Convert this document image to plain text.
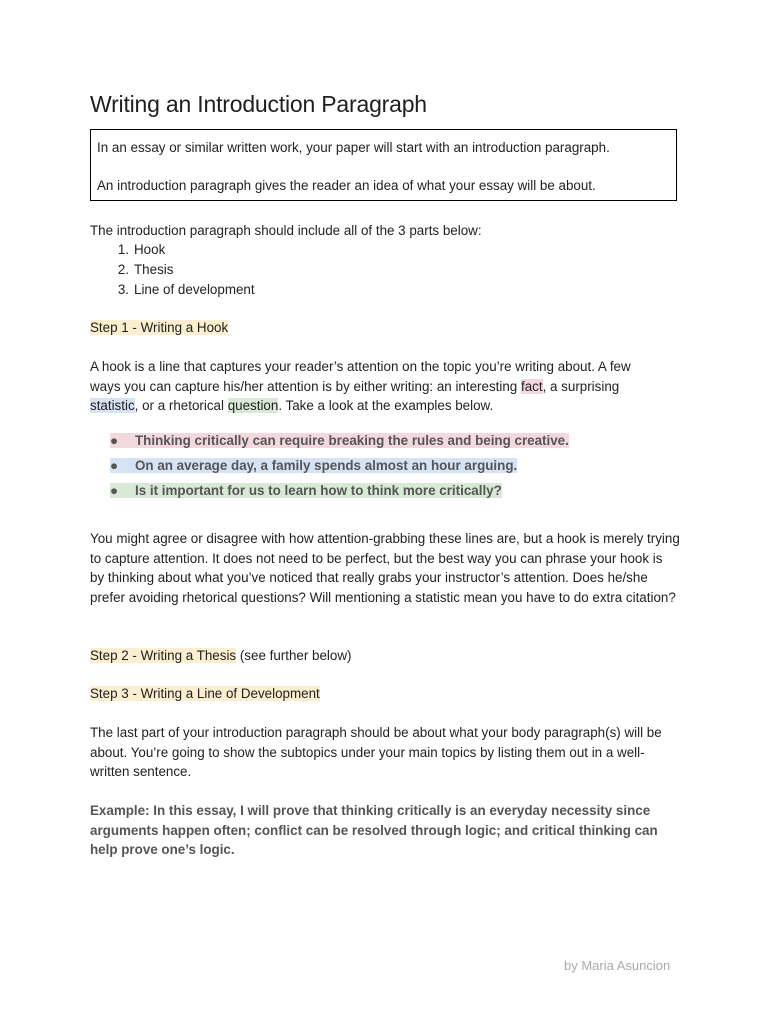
Writing an Introduction Paragraph

In an essay or similar written work, your paper will start with an introduction paragraph.

An introduction paragraph gives the reader an idea of what your essay will be about.

The introduction paragraph should include all of the 3 parts below:

1. Hook
2. Thesis
3. Line of development

Step 1 - Writing a Hook

A hook is a line that captures your reader’s attention on the topic you’re writing about. A few
ways you can capture his/her attention is by either writing: an interesting fact, a surprising
statistic, or a rhetorical question. Take a look at the examples below.

● Thinking critically can require breaking the rules and being creative.
● On an average day, a family spends almost an hour arguing.
● Is it important for us to learn how to think more critically?

You might agree or disagree with how attention-grabbing these lines are, but a hook is merely trying to capture attention. It does not need to be perfect, but the best way you can phrase your hook is by thinking about what you’ve noticed that really grabs your instructor’s attention. Does he/she prefer avoiding rhetorical questions? Will mentioning a statistic mean you have to do extra citation?

Step 2 - Writing a Thesis (see further below)

Step 3 - Writing a Line of Development

The last part of your introduction paragraph should be about what your body paragraph(s) will be about. You’re going to show the subtopics under your main topics by listing them out in a well-written sentence.

Example: In this essay, I will prove that thinking critically is an everyday necessity since arguments happen often; conflict can be resolved through logic; and critical thinking can help prove one’s logic.

by Maria Asuncion
